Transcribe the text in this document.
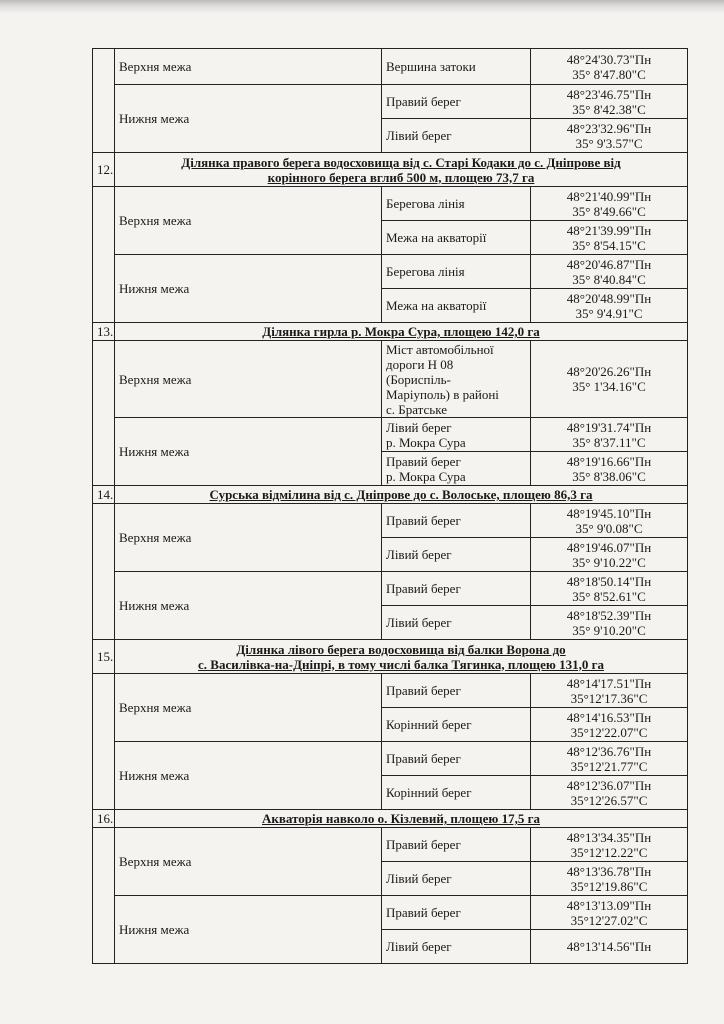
	Верхня межа	Вершина затоки	48°24'30.73"Пн
35° 8'47.80"С

	Нижня межа	Правий берег	48°23'46.75"Пн
35° 8'42.38"С

		Лівий берег	48°23'32.96"Пн
35° 9'3.57"С

12.	Ділянка правого берега водосховища від с. Старі Кодаки до с. Дніпрове від
корінного берега вглиб 500 м, площею 73,7 га		
	Верхня межа	Берегова лінія	48°21'40.99"Пн
35° 8'49.66"С

		Межа на акваторії	48°21'39.99"Пн
35° 8'54.15"С

	Нижня межа	Берегова лінія	48°20'46.87"Пн
35° 8'40.84"С

		Межа на акваторії	48°20'48.99"Пн
35° 9'4.91"С

13.	Ділянка гирла р. Мокра Сура, площею 142,0 га		
	Верхня межа	Міст автомобільної
дороги Н 08
(Бориспіль-
Маріуполь) в районі
с. Братське	48°20'26.26"Пн
35° 1'34.16"С

	Нижня межа	Лівий берег
р. Мокра Сура	48°19'31.74"Пн
35° 8'37.11"С

		Правий берег
р. Мокра Сура	48°19'16.66"Пн
35° 8'38.06"С

14.	Сурська відмілина від с. Дніпрове до с. Волоське, площею 86,3 га		
	Верхня межа	Правий берег	48°19'45.10"Пн
35° 9'0.08"С

		Лівий берег	48°19'46.07"Пн
35° 9'10.22"С

	Нижня межа	Правий берег	48°18'50.14"Пн
35° 8'52.61"С

		Лівий берег	48°18'52.39"Пн
35° 9'10.20"С

15.	Ділянка лівого берега водосховища від балки Ворона до
с. Василівка-на-Дніпрі, в тому числі балка Тягинка, площею 131,0 га		
	Верхня межа	Правий берег	48°14'17.51"Пн
35°12'17.36"С

		Корінний берег	48°14'16.53"Пн
35°12'22.07"С

	Нижня межа	Правий берег	48°12'36.76"Пн
35°12'21.77"С

		Корінний берег	48°12'36.07"Пн
35°12'26.57"С

16.	Акваторія навколо о. Кізлевий, площею 17,5 га		
	Верхня межа	Правий берег	48°13'34.35"Пн
35°12'12.22"С

		Лівий берег	48°13'36.78"Пн
35°12'19.86"С

	Нижня межа	Правий берег	48°13'13.09"Пн
35°12'27.02"С

		Лівий берег	48°13'14.56"Пн
